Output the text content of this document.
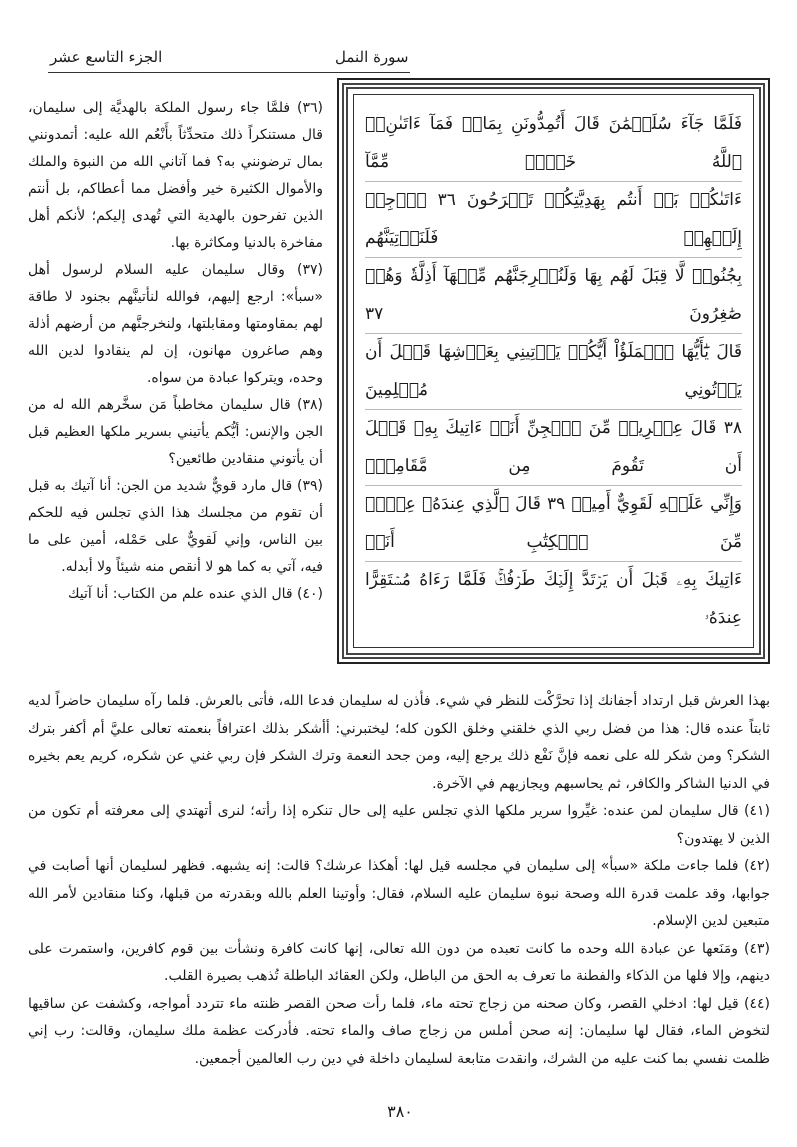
الجزء التاسع عشر	سورة النمل

فَلَمَّا جَآءَ سُلَيۡمَٰنَ قَالَ أَتُمِدُّونَنِ بِمَالٖ فَمَآ ءَاتَىٰنِۦَ ٱللَّهُ خَيۡرٞ مِّمَّآ

ءَاتَىٰكُمۚ بَلۡ أَنتُم بِهَدِيَّتِكُمۡ تَفۡرَحُونَ ٣٦ ٱرۡجِعۡ إِلَيۡهِمۡ فَلَنَأۡتِيَنَّهُم

بِجُنُودٖ لَّا قِبَلَ لَهُم بِهَا وَلَنُخۡرِجَنَّهُم مِّنۡهَآ أَذِلَّةٗ وَهُمۡ صَٰغِرُونَ ٣٧

قَالَ يَٰٓأَيُّهَا ٱلۡمَلَؤُاْ أَيُّكُمۡ يَأۡتِينِي بِعَرۡشِهَا قَبۡلَ أَن يَأۡتُونِي مُسۡلِمِينَ

٣٨ قَالَ عِفۡرِيتٞ مِّنَ ٱلۡجِنِّ أَنَا۠ ءَاتِيكَ بِهِۦ قَبۡلَ أَن تَقُومَ مِن مَّقَامِكَۖ

وَإِنِّي عَلَيۡهِ لَقَوِيٌّ أَمِينٞ ٣٩ قَالَ ٱلَّذِي عِندَهُۥ عِلۡمٞ مِّنَ ٱلۡكِتَٰبِ أَنَا۠

ءَاتِيكَ بِهِۦ قَبۡلَ أَن يَرۡتَدَّ إِلَيۡكَ طَرۡفُكَۚ فَلَمَّا رَءَاهُ مُسۡتَقِرًّا عِندَهُۥ

(٣٦) فلمَّا جاء رسول الملكة بالهديَّة إلى سليمان، قال مستنكراً ذلك متحدِّثاً بأَنْعُم الله عليه: أتمدونني بمال ترضونني به؟ فما آتاني الله من النبوة والملك والأموال الكثيرة خير وأفضل مما أعطاكم، بل أنتم الذين تفرحون بالهدية التي تُهدى إليكم؛ لأنكم أهل مفاخرة بالدنيا ومكاثرة بها.

(٣٧) وقال سليمان عليه السلام لرسول أهل «سبأ»: ارجع إليهم، فوالله لنأتينَّهم بجنود لا طاقة لهم بمقاومتها ومقابلتها، ولنخرجنَّهم من أرضهم أذلة وهم صاغرون مهانون، إن لم ينقادوا لدين الله وحده، ويتركوا عبادة من سواه.

(٣٨) قال سليمان مخاطباً مَن سخَّرهم الله له من الجن والإنس: أيُّكم يأتيني بسرير ملكها العظيم قبل أن يأتوني منقادين طائعين؟

(٣٩) قال مارد قويٌّ شديد من الجن: أنا آتيك به قبل أن تقوم من مجلسك هذا الذي تجلس فيه للحكم بين الناس، وإني لَقويٌّ على حَمْله، أمين على ما فيه، آتي به كما هو لا أنقص منه شيئاً ولا أبدله.

(٤٠) قال الذي عنده علم من الكتاب: أنا آتيك

بهذا العرش قبل ارتداد أجفانك إذا تحرَّكْت للنظر في شيء. فأذن له سليمان فدعا الله، فأتى بالعرش. فلما رآه سليمان حاضراً لديه ثابتاً عنده قال: هذا من فضل ربي الذي خلقني وخلق الكون كله؛ ليختبرني: أأشكر بذلك اعترافاً بنعمته تعالى عليَّ أم أكفر بترك الشكر؟ ومن شكر لله على نعمه فإنَّ نَفْع ذلك يرجع إليه، ومن جحد النعمة وترك الشكر فإن ربي غني عن شكره، كريم يعم بخيره في الدنيا الشاكر والكافر، ثم يحاسبهم ويجازيهم في الآخرة.

(٤١) قال سليمان لمن عنده: غيِّروا سرير ملكها الذي تجلس عليه إلى حال تنكره إذا رأته؛ لنرى أتهتدي إلى معرفته أم تكون من الذين لا يهتدون؟

(٤٢) فلما جاءت ملكة «سبأ» إلى سليمان في مجلسه قيل لها: أهكذا عرشك؟ قالت: إنه يشبهه. فظهر لسليمان أنها أصابت في جوابها، وقد علمت قدرة الله وصحة نبوة سليمان عليه السلام، فقال: وأوتينا العلم بالله وبقدرته من قبلها، وكنا منقادين لأمر الله متبعين لدين الإسلام.

(٤٣) ومَنَعها عن عبادة الله وحده ما كانت تعبده من دون الله تعالى، إنها كانت كافرة ونشأت بين قوم كافرين، واستمرت على دينهم، وإلا فلها من الذكاء والفطنة ما تعرف به الحق من الباطل، ولكن العقائد الباطلة تُذهب بصيرة القلب.

(٤٤) قيل لها: ادخلي القصر، وكان صحنه من زجاج تحته ماء، فلما رأت صحن القصر ظنته ماء تتردد أمواجه، وكشفت عن ساقيها لتخوض الماء، فقال لها سليمان: إنه صحن أملس من زجاج صاف والماء تحته. فأدركت عظمة ملك سليمان، وقالت: رب إني ظلمت نفسي بما كنت عليه من الشرك، وانقدت متابعة لسليمان داخلة في دين رب العالمين أجمعين.

٣٨٠
